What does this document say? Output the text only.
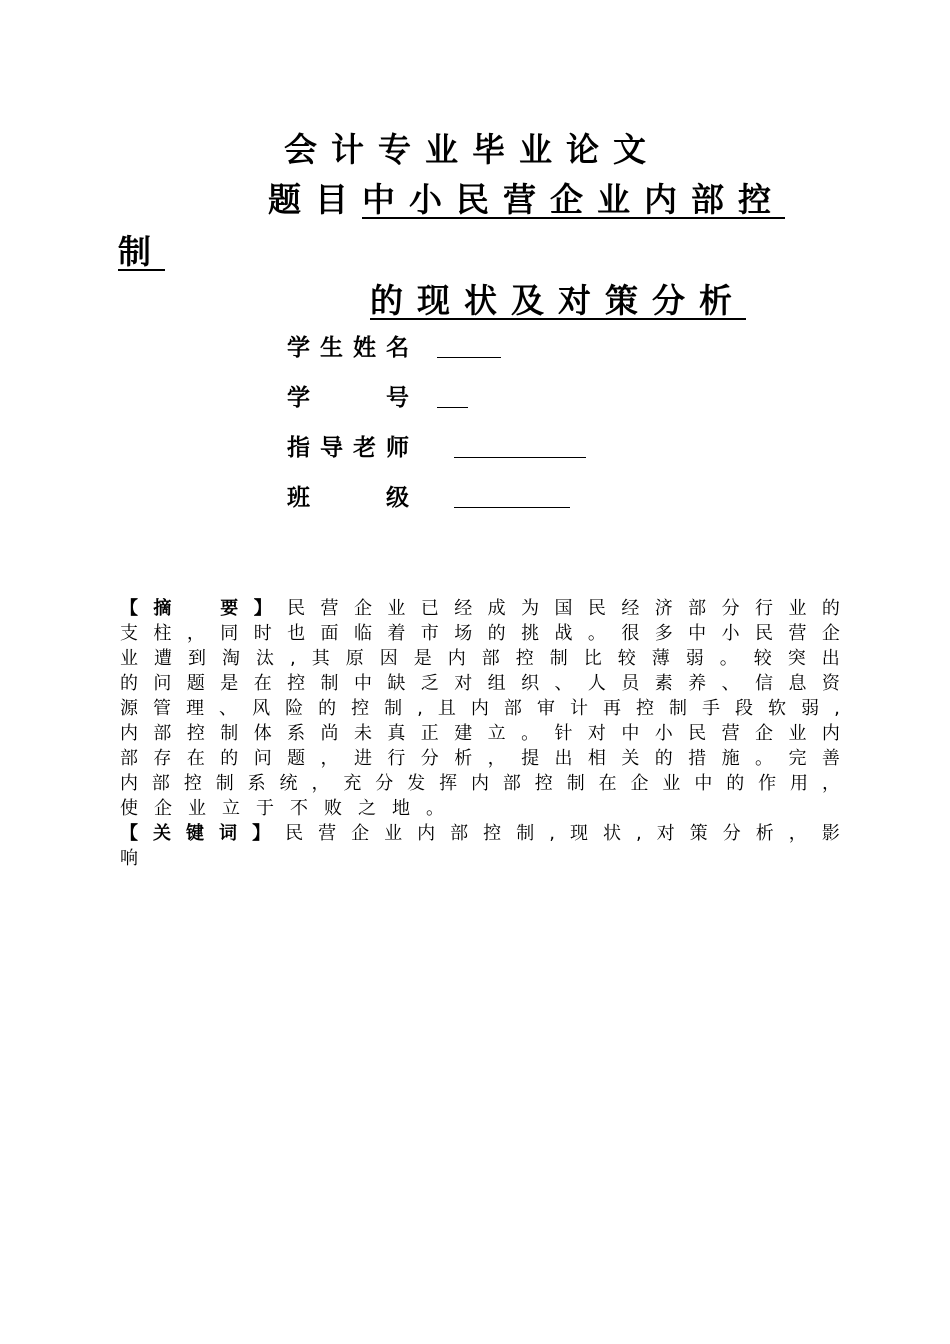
会计专业毕业论文
题目中小民营企业内部控
制
的现状及对策分析
学 生 姓 名
学	号
指 导 老 师
班	级
【 摘
　	要 】 民 营 企 业 已 经 成 为 国 民 经 济 部 分 行 业 的
支 柱 ， 同 时 也 面 临 着 市 场 的 挑 战 。 很 多 中 小 民 营 企
业 遭 到 淘 汰 , 其 原 因 是 内 部 控 制 比 较 薄 弱 。 较 突 出
的 问 题 是 在 控 制 中 缺 乏 对 组 织 、 人 员 素 养 、 信 息 资
源 管 理 、 风 险 的 控 制 , 且 内 部 审 计 再 控 制 手 段 软 弱 ,
内 部 控 制 体 系 尚 未 真 正 建 立 。 针 对 中 小 民 营 企 业 内
部 存 在 的 问 题 ， 进 行 分 析 ， 提 出 相 关 的 措 施 。 完 善
内 部 控 制 系 统 ， 充 分 发 挥 内 部 控 制 在 企 业 中 的 作 用 ，
使 企 业 立 于 不 败 之 地 。
【 关 键 词 】 民 营 企 业 内 部 控 制 , 现 状 , 对 策 分 析 ， 影
响
